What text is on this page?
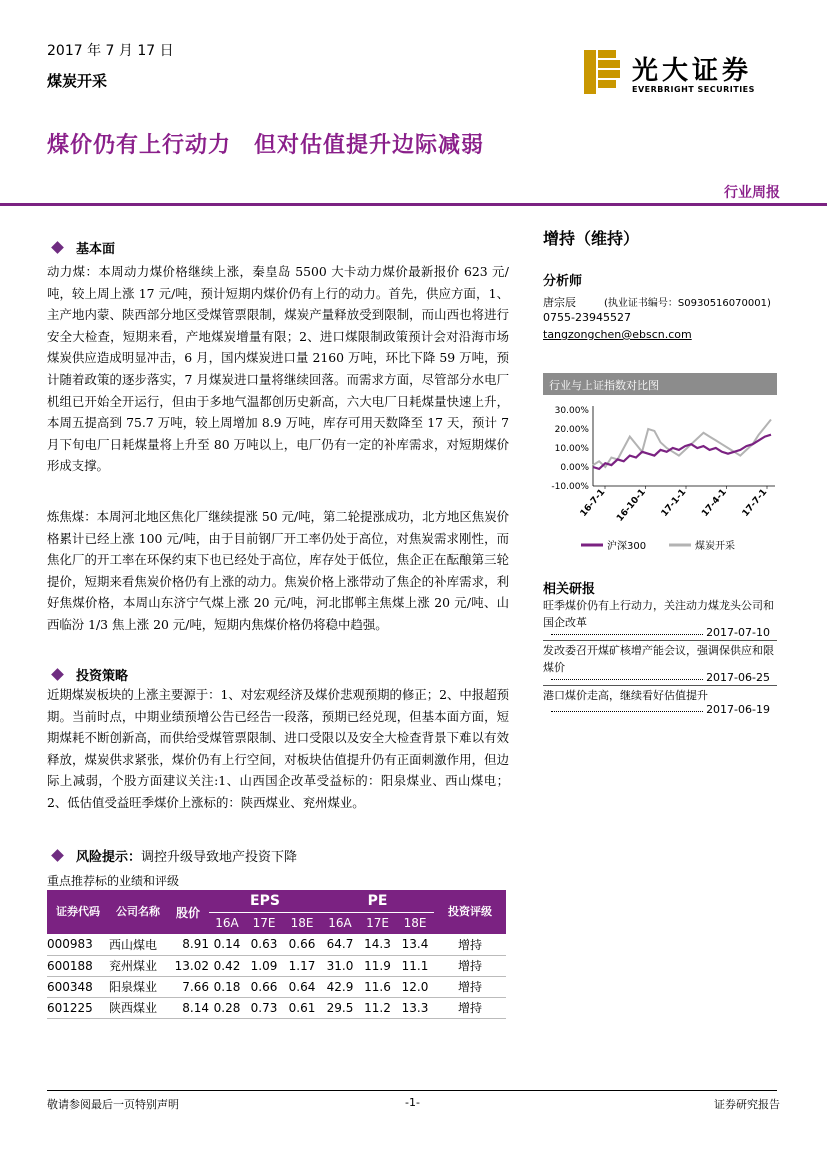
2017 年 7 月 17 日
煤炭开采	光大证券
EVERBRIGHT SECURITIES
煤价仍有上行动力　但对估值提升边际减弱
行业周报
基本面
动力煤：本周动力煤价格继续上涨，秦皇岛 5500 大卡动力煤价最新报价 623 元/吨，较上周上涨 17 元/吨，预计短期内煤价仍有上行的动力。首先，供应方面，1、主产地内蒙、陕西部分地区受煤管票限制，煤炭产量释放受到限制，而山西也将进行安全大检查，短期来看，产地煤炭增量有限；2、进口煤限制政策预计会对沿海市场煤炭供应造成明显冲击，6 月，国内煤炭进口量 2160 万吨，环比下降 59 万吨，预计随着政策的逐步落实，7 月煤炭进口量将继续回落。而需求方面，尽管部分水电厂机组已开始全开运行，但由于多地气温都创历史新高，六大电厂日耗煤量快速上升，本周五提高到 75.7 万吨，较上周增加 8.9 万吨，库存可用天数降至 17 天，预计 7 月下旬电厂日耗煤量将上升至 80 万吨以上，电厂仍有一定的补库需求，对短期煤价形成支撑。
炼焦煤：本周河北地区焦化厂继续提涨 50 元/吨，第二轮提涨成功，北方地区焦炭价格累计已经上涨 100 元/吨，由于目前钢厂开工率仍处于高位，对焦炭需求刚性，而焦化厂的开工率在环保约束下也已经处于高位，库存处于低位，焦企正在酝酿第三轮提价，短期来看焦炭价格仍有上涨的动力。焦炭价格上涨带动了焦企的补库需求，利好焦煤价格，本周山东济宁气煤上涨 20 元/吨，河北邯郸主焦煤上涨 20 元/吨、山西临汾 1/3 焦上涨 20 元/吨，短期内焦煤价格仍将稳中趋强。
投资策略
近期煤炭板块的上涨主要源于：1、对宏观经济及煤价悲观预期的修正；2、中报超预期。当前时点，中期业绩预增公告已经告一段落，预期已经兑现，但基本面方面，短期煤耗不断创新高，而供给受煤管票限制、进口受限以及安全大检查背景下难以有效释放，煤炭供求紧张，煤价仍有上行空间，对板块估值提升仍有正面刺激作用，但边际上减弱，个股方面建议关注:1、山西国企改革受益标的：阳泉煤业、西山煤电；2、低估值受益旺季煤价上涨标的：陕西煤业、兖州煤业。
风险提示： 调控升级导致地产投资下降
重点推荐标的业绩和评级
证券代码	公司名称	股价	EPS			PE			投资评级
			16A	17E	18E	16A	17E	18E	
000983	西山煤电	8.91	0.14	0.63	0.66	64.7	14.3	13.4	增持
600188	兖州煤业	13.02	0.42	1.09	1.17	31.0	11.9	11.1	增持
600348	阳泉煤业	7.66	0.18	0.66	0.64	42.9	11.6	12.0	增持
601225	陕西煤业	8.14	0.28	0.73	0.61	29.5	11.2	13.3	增持
增持（维持）
分析师
唐宗辰	(执业证书编号：S0930516070001)
0755-23945527
tangzongchen@ebscn.com
行业与上证指数对比图
30.00%
20.00%
10.00%
0.00%
-10.00%
16-7-1 16-10-1 17-1-1 17-4-1 17-7-1
沪深300	煤炭开采
相关研报
旺季煤价仍有上行动力，关注动力煤龙头公司和国企改革
2017-07-10
发改委召开煤矿核增产能会议，强调保供应和限煤价
2017-06-25
港口煤价走高，继续看好估值提升
2017-06-19
敬请参阅最后一页特别声明	-1-	证券研究报告
